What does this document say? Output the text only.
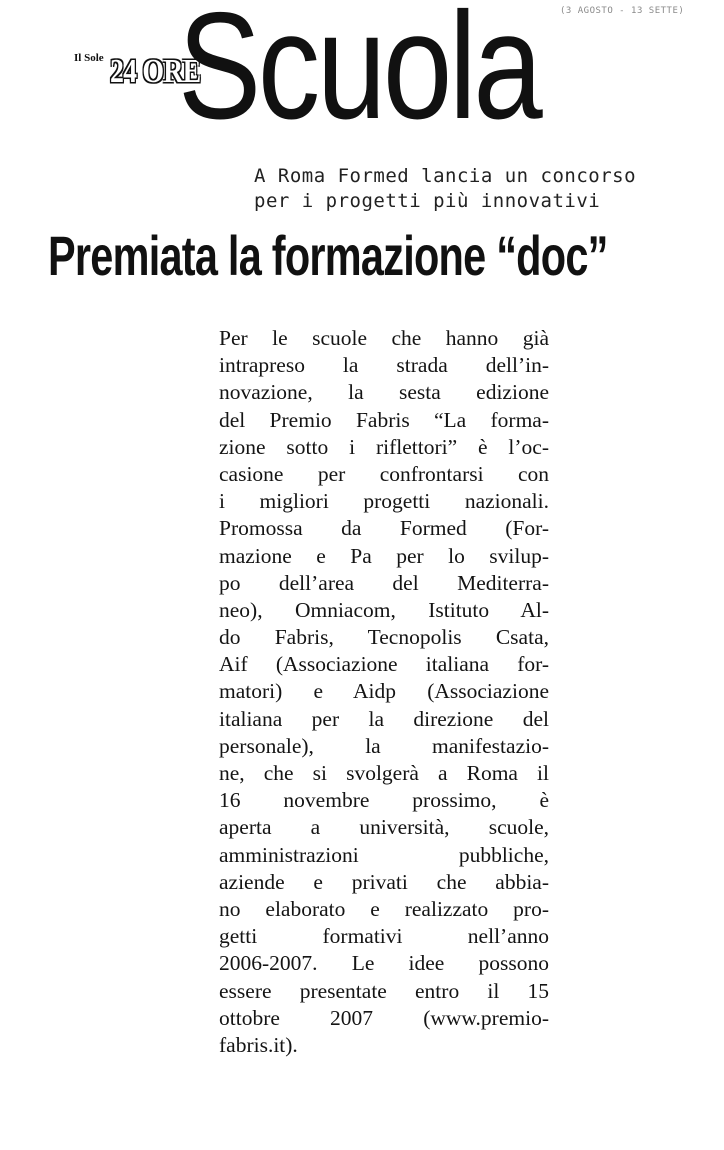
(3 AGOSTO - 13 SETTE)
Il Sole 24 ORE
Scuola
A Roma Formed lancia un concorso
per i progetti più innovativi
Premiata la formazione “doc”
Per le scuole che hanno già
intrapreso la strada dell’in-
novazione, la sesta edizione
del Premio Fabris “La forma-
zione sotto i riflettori” è l’oc-
casione per confrontarsi con
i migliori progetti nazionali.
Promossa da Formed (For-
mazione e Pa per lo svilup-
po dell’area del Mediterra-
neo), Omniacom, Istituto Al-
do Fabris, Tecnopolis Csata,
Aif (Associazione italiana for-
matori) e Aidp (Associazione
italiana per la direzione del
personale), la manifestazio-
ne, che si svolgerà a Roma il
16 novembre prossimo, è
aperta a università, scuole,
amministrazioni pubbliche,
aziende e privati che abbia-
no elaborato e realizzato pro-
getti formativi nell’anno
2006-2007. Le idee possono
essere presentate entro il 15
ottobre 2007 (www.premio-
fabris.it).
